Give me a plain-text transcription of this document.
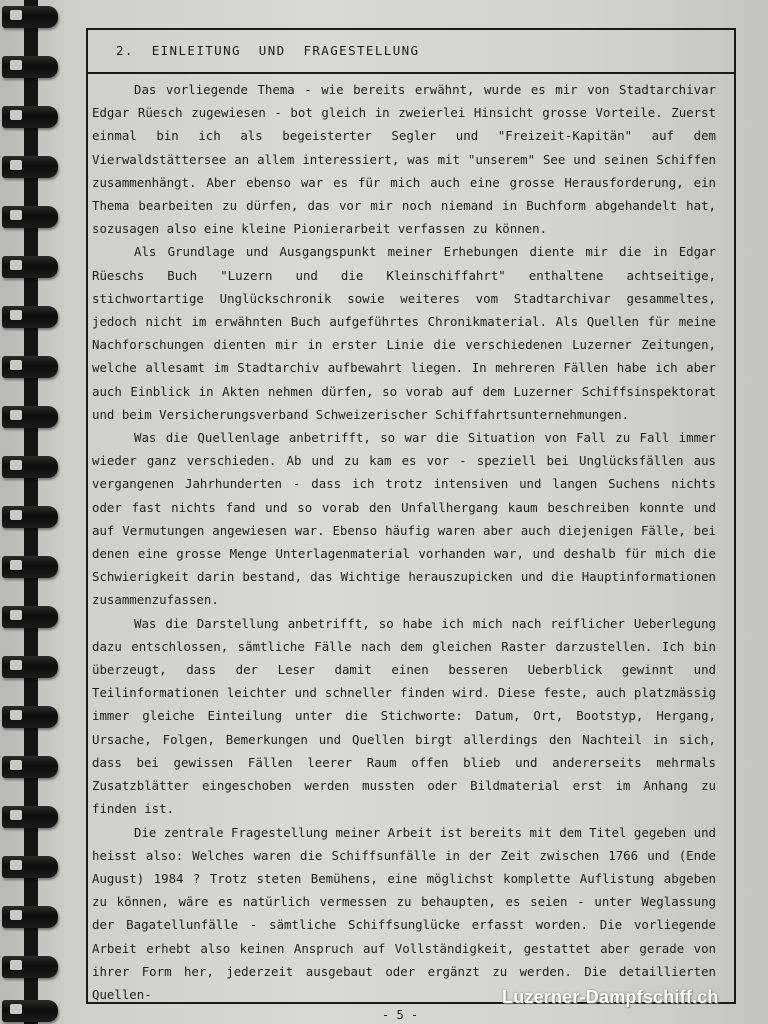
2.  EINLEITUNG  UND  FRAGESTELLUNG

Das vorliegende Thema - wie bereits erwähnt, wurde es mir von Stadtarchivar Edgar Rüesch zugewiesen - bot gleich in zweierlei Hinsicht grosse Vorteile. Zuerst einmal bin ich als begeisterter Segler und "Freizeit-Kapitän" auf dem Vierwaldstättersee an allem interessiert, was mit "unserem" See und seinen Schiffen zusammenhängt. Aber ebenso war es für mich auch eine grosse Herausforderung, ein Thema bearbeiten zu dürfen, das vor mir noch niemand in Buchform abgehandelt hat, sozusagen also eine kleine Pionierarbeit verfassen zu können.

Als Grundlage und Ausgangspunkt meiner Erhebungen diente mir die in Edgar Rüeschs Buch "Luzern und die Kleinschiffahrt" enthaltene achtseitige, stichwortartige Unglückschronik sowie weiteres vom Stadtarchivar gesammeltes, jedoch nicht im erwähnten Buch aufgeführtes Chronikmaterial. Als Quellen für meine Nachforschungen dienten mir in erster Linie die verschiedenen Luzerner Zeitungen, welche allesamt im Stadtarchiv aufbewahrt liegen. In mehreren Fällen habe ich aber auch Einblick in Akten nehmen dürfen, so vorab auf dem Luzerner Schiffsinspektorat und beim Versicherungsverband Schweizerischer Schiffahrtsunternehmungen.

Was die Quellenlage anbetrifft, so war die Situation von Fall zu Fall immer wieder ganz verschieden. Ab und zu kam es vor - speziell bei Unglücksfällen aus vergangenen Jahrhunderten - dass ich trotz intensiven und langen Suchens nichts oder fast nichts fand und so vorab den Unfallhergang kaum beschreiben konnte und auf Vermutungen angewiesen war. Ebenso häufig waren aber auch diejenigen Fälle, bei denen eine grosse Menge Unterlagenmaterial vorhanden war, und deshalb für mich die Schwierigkeit darin bestand, das Wichtige herauszupicken und die Hauptinformationen zusammenzufassen.

Was die Darstellung anbetrifft, so habe ich mich nach reiflicher Ueberlegung dazu entschlossen, sämtliche Fälle nach dem gleichen Raster darzustellen. Ich bin überzeugt, dass der Leser damit einen besseren Ueberblick gewinnt und Teilinformationen leichter und schneller finden wird. Diese feste, auch platzmässig immer gleiche Einteilung unter die Stichworte: Datum, Ort, Bootstyp, Hergang, Ursache, Folgen, Bemerkungen und Quellen birgt allerdings den Nachteil in sich, dass bei gewissen Fällen leerer Raum offen blieb und andererseits mehrmals Zusatzblätter eingeschoben werden mussten oder Bildmaterial erst im Anhang zu finden ist.

Die zentrale Fragestellung meiner Arbeit ist bereits mit dem Titel gegeben und heisst also: Welches waren die Schiffsunfälle in der Zeit zwischen 1766 und (Ende August) 1984 ? Trotz steten Bemühens, eine möglichst komplette Auflistung abgeben zu können, wäre es natürlich vermessen zu behaupten, es seien - unter Weglassung der Bagatellunfälle - sämtliche Schiffsunglücke erfasst worden. Die vorliegende Arbeit erhebt also keinen Anspruch auf Vollständigkeit, gestattet aber gerade von ihrer Form her, jederzeit ausgebaut oder ergänzt zu werden. Die detaillierten Quellen-

- 5 -
Luzerner-Dampfschiff.ch
